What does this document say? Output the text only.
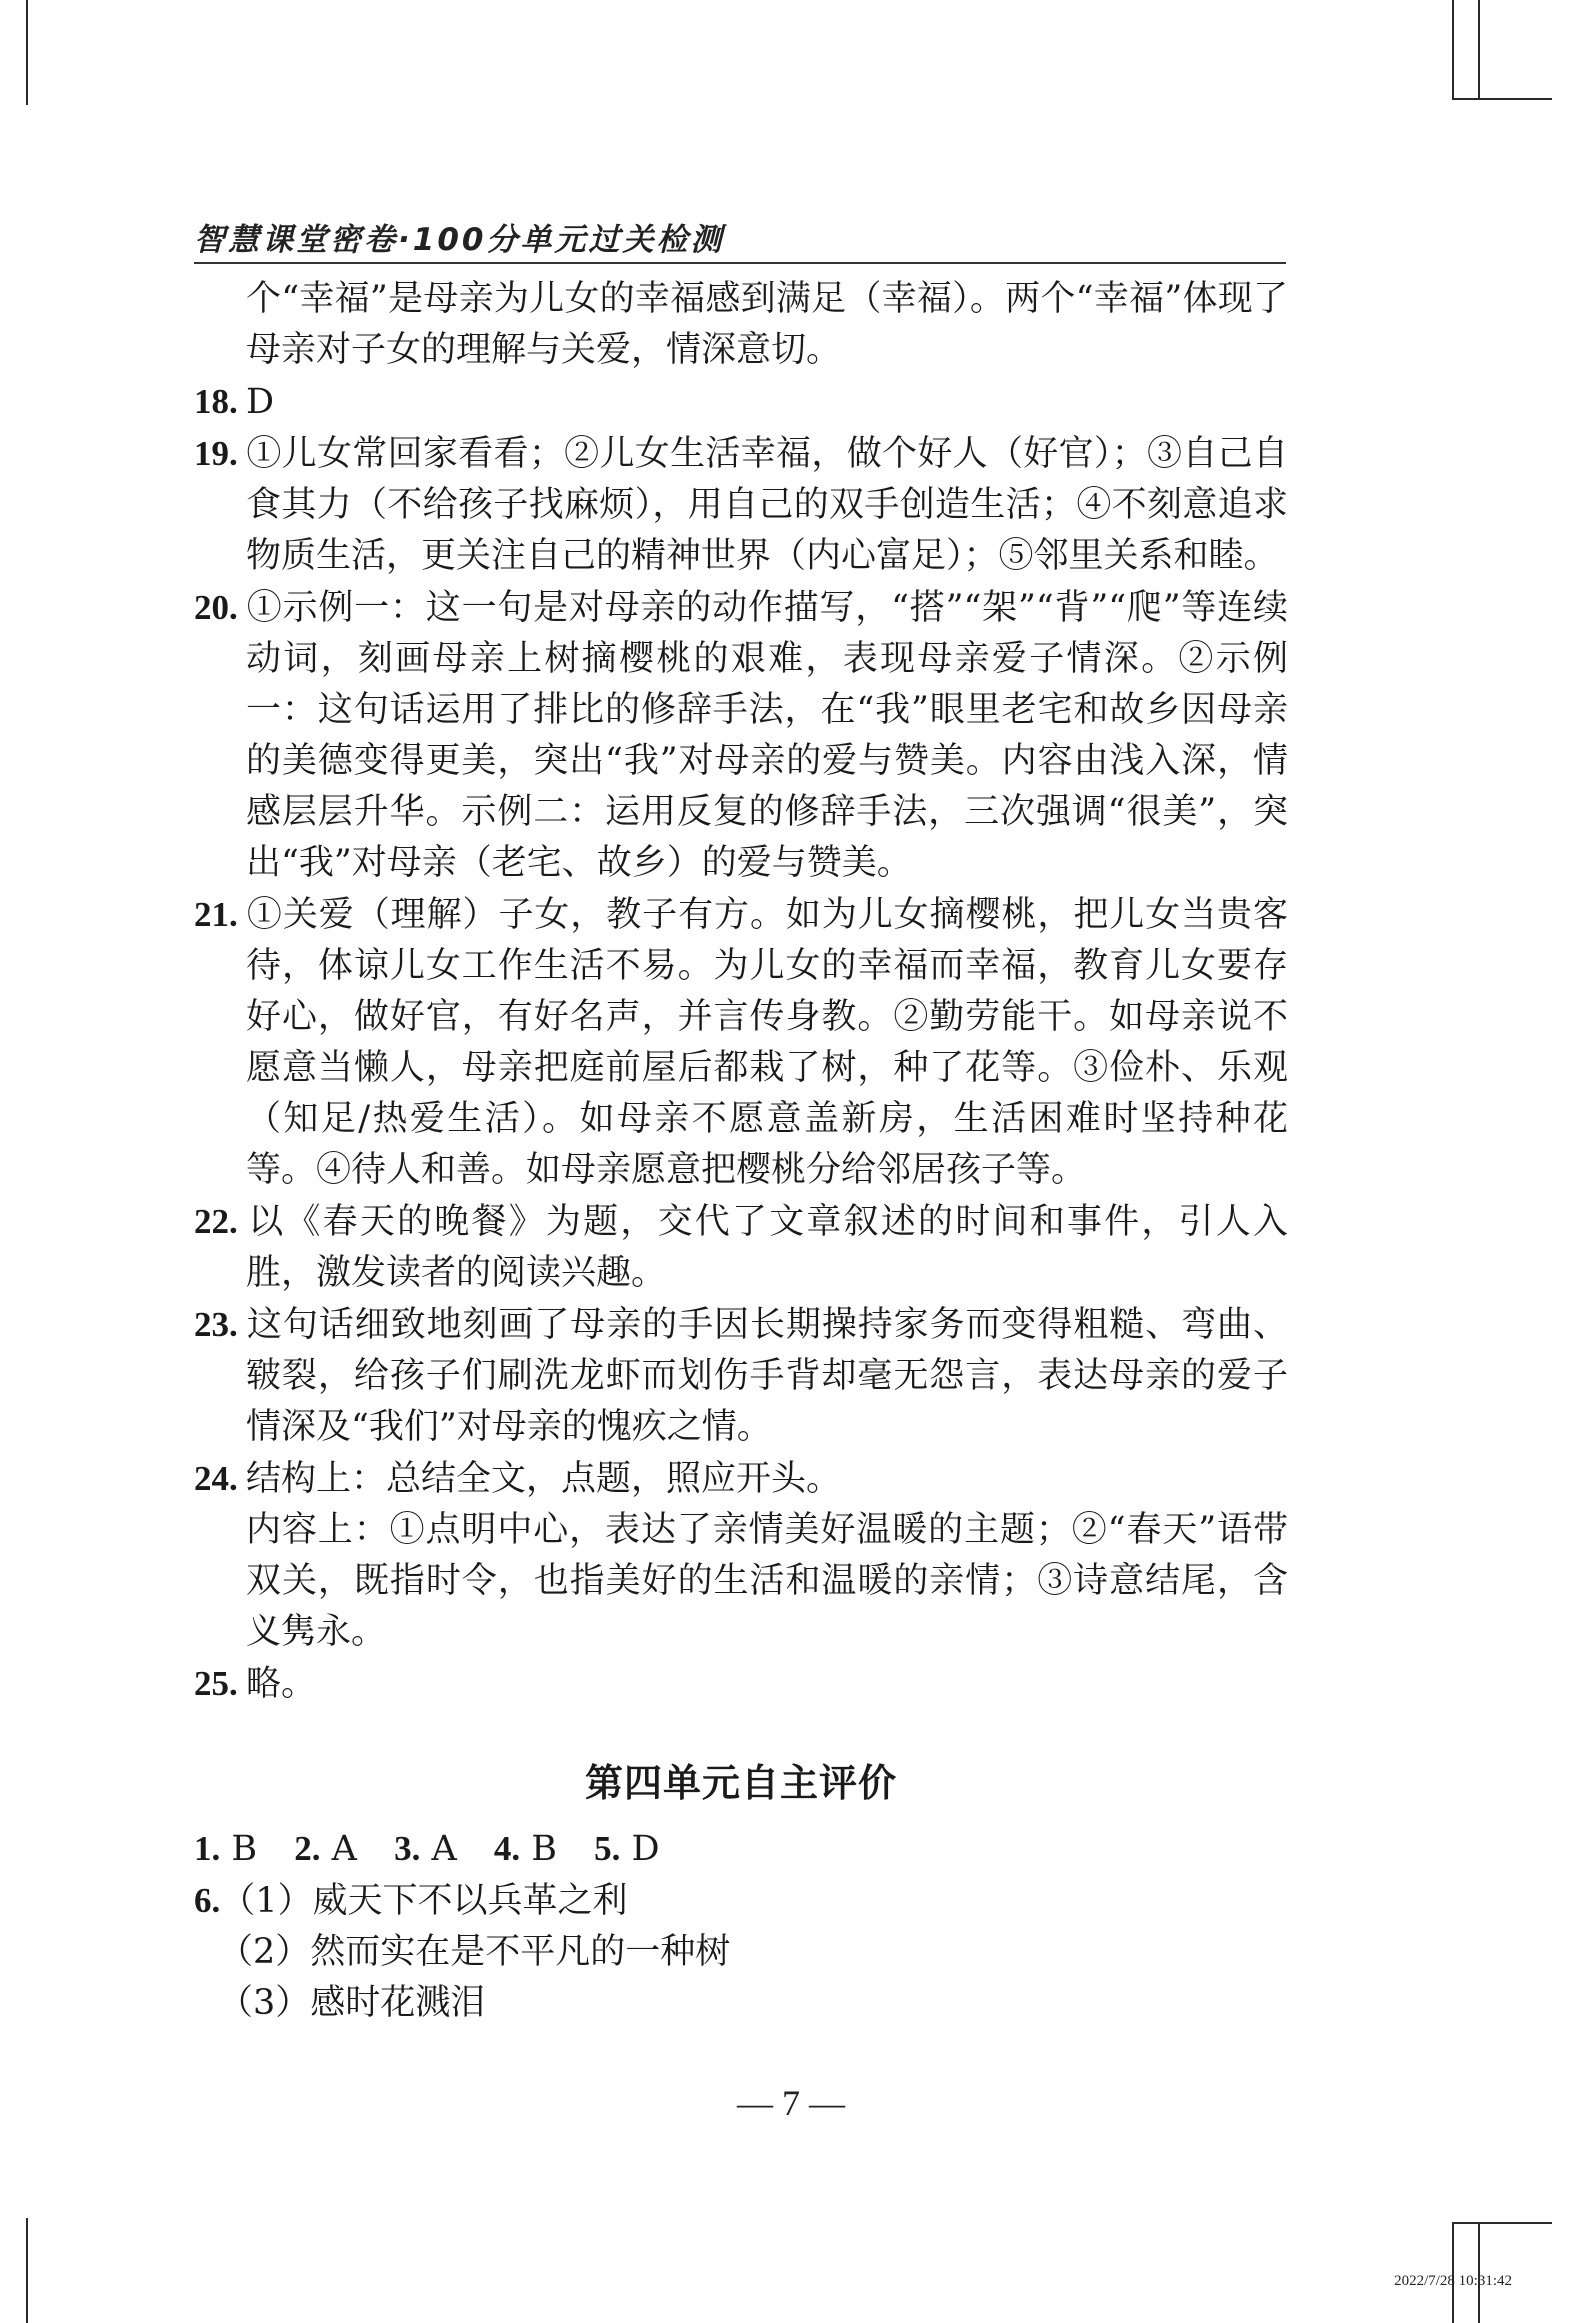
智慧课堂密卷·100分单元过关检测
个“幸福”是母亲为儿女的幸福感到满足（幸福）。两个“幸福”体现了母亲对子女的理解与关爱，情深意切。
18. D
19. ①儿女常回家看看；②儿女生活幸福，做个好人（好官）；③自己自食其力（不给孩子找麻烦），用自己的双手创造生活；④不刻意追求物质生活，更关注自己的精神世界（内心富足）；⑤邻里关系和睦。
20. ①示例一：这一句是对母亲的动作描写，“搭”“架”“背”“爬”等连续动词，刻画母亲上树摘樱桃的艰难，表现母亲爱子情深。②示例一：这句话运用了排比的修辞手法，在“我”眼里老宅和故乡因母亲的美德变得更美，突出“我”对母亲的爱与赞美。内容由浅入深，情感层层升华。示例二：运用反复的修辞手法，三次强调“很美”，突出“我”对母亲（老宅、故乡）的爱与赞美。
21. ①关爱（理解）子女，教子有方。如为儿女摘樱桃，把儿女当贵客待，体谅儿女工作生活不易。为儿女的幸福而幸福，教育儿女要存好心，做好官，有好名声，并言传身教。②勤劳能干。如母亲说不愿意当懒人，母亲把庭前屋后都栽了树，种了花等。③俭朴、乐观（知足/热爱生活）。如母亲不愿意盖新房，生活困难时坚持种花等。④待人和善。如母亲愿意把樱桃分给邻居孩子等。
22. 以《春天的晚餐》为题，交代了文章叙述的时间和事件，引人入胜，激发读者的阅读兴趣。
23. 这句话细致地刻画了母亲的手因长期操持家务而变得粗糙、弯曲、皲裂，给孩子们刷洗龙虾而划伤手背却毫无怨言，表达母亲的爱子情深及“我们”对母亲的愧疚之情。
24. 结构上：总结全文，点题，照应开头。
内容上：①点明中心，表达了亲情美好温暖的主题；②“春天”语带双关，既指时令，也指美好的生活和温暖的亲情；③诗意结尾，含义隽永。
25. 略。
第四单元自主评价
1. B 2. A 3. A 4. B 5. D
6.（1）威天下不以兵革之利
（2）然而实在是不平凡的一种树
（3）感时花溅泪
— 7 —
2022/7/28 10:31:42
